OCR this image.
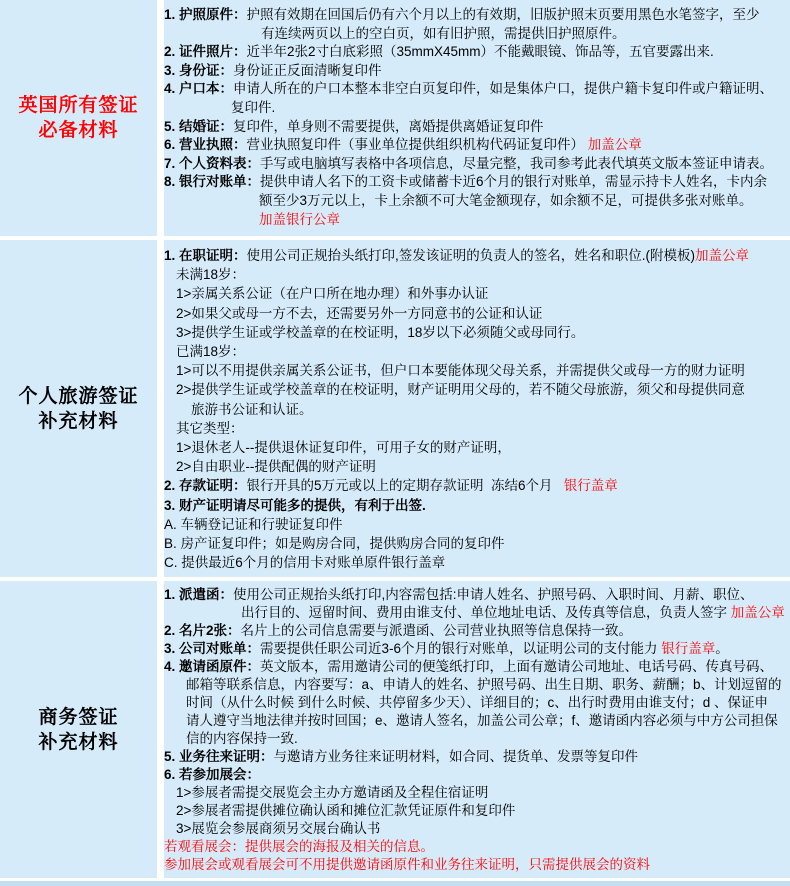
英国所有签证
必备材料
1. 护照原件：护照有效期在回国后仍有六个月以上的有效期，旧版护照末页要用黑色水笔签字，至少
有连续两页以上的空白页，如有旧护照，需提供旧护照原件。
2. 证件照片：近半年2张2寸白底彩照（35mmX45mm）不能戴眼镜、饰品等，五官要露出来.
3. 身份证：身份证正反面清晰复印件
4. 户口本：申请人所在的户口本整本非空白页复印件，如是集体户口，提供户籍卡复印件或户籍证明、
复印件.
5. 结婚证：复印件，单身则不需要提供，离婚提供离婚证复印件
6. 营业执照：营业执照复印件（事业单位提供组织机构代码证复印件） 加盖公章
7. 个人资料表：手写或电脑填写表格中各项信息，尽量完整，我司参考此表代填英文版本签证申请表。
8. 银行对账单：提供申请人名下的工资卡或储蓄卡近6个月的银行对账单，需显示持卡人姓名，卡内余
额至少3万元以上，卡上余额不可大笔金额现存，如余额不足，可提供多张对账单。
加盖银行公章
个人旅游签证
补充材料
1. 在职证明：使用公司正规抬头纸打印,签发该证明的负责人的签名，姓名和职位.(附模板)加盖公章
未满18岁：
1>亲属关系公证（在户口所在地办理）和外事办认证
2>如果父或母一方不去，还需要另外一方同意书的公证和认证
3>提供学生证或学校盖章的在校证明，18岁以下必须随父或母同行。
已满18岁：
1>可以不用提供亲属关系公证书，但户口本要能体现父母关系，并需提供父或母一方的财力证明
2>提供学生证或学校盖章的在校证明，财产证明用父母的，若不随父母旅游，须父和母提供同意
旅游书公证和认证。
其它类型：
1>退休老人--提供退休证复印件，可用子女的财产证明，
2>自由职业--提供配偶的财产证明
2. 存款证明：银行开具的5万元或以上的定期存款证明  冻结6个月   银行盖章
3. 财产证明请尽可能多的提供，有利于出签.
A. 车辆登记证和行驶证复印件
B. 房产证复印件；如是购房合同，提供购房合同的复印件
C. 提供最近6个月的信用卡对账单原件银行盖章
商务签证
补充材料
1. 派遣函：使用公司正规抬头纸打印,内容需包括:申请人姓名、护照号码、入职时间、月薪、职位、
出行目的、逗留时间、费用由谁支付、单位地址电话、及传真等信息，负责人签字 加盖公章
2. 名片2张：名片上的公司信息需要与派遣函、公司营业执照等信息保持一致。
3. 公司对账单：需要提供任职公司近3-6个月的银行对账单，以证明公司的支付能力 银行盖章。
4. 邀请函原件：英文版本，需用邀请公司的便笺纸打印，上面有邀请公司地址、电话号码、传真号码、
邮箱等联系信息，内容要写：a、申请人的姓名、护照号码、出生日期、职务、薪酬；b、计划逗留的
时间（从什么时候 到什么时候、共停留多少天）、详细目的；c、出行时费用由谁支付；d 、保证申
请人遵守当地法律并按时回国；e、邀请人签名，加盖公司公章；f、邀请函内容必须与中方公司担保
信的内容保持一致.
5. 业务往来证明：与邀请方业务往来证明材料，如合同、提货单、发票等复印件
6. 若参加展会：
1>参展者需提交展览会主办方邀请函及全程住宿证明
2>参展者需提供摊位确认函和摊位汇款凭证原件和复印件
3>展览会参展商须另交展台确认书
若观看展会：提供展会的海报及相关的信息。
参加展会或观看展会可不用提供邀请函原件和业务往来证明，只需提供展会的资料
